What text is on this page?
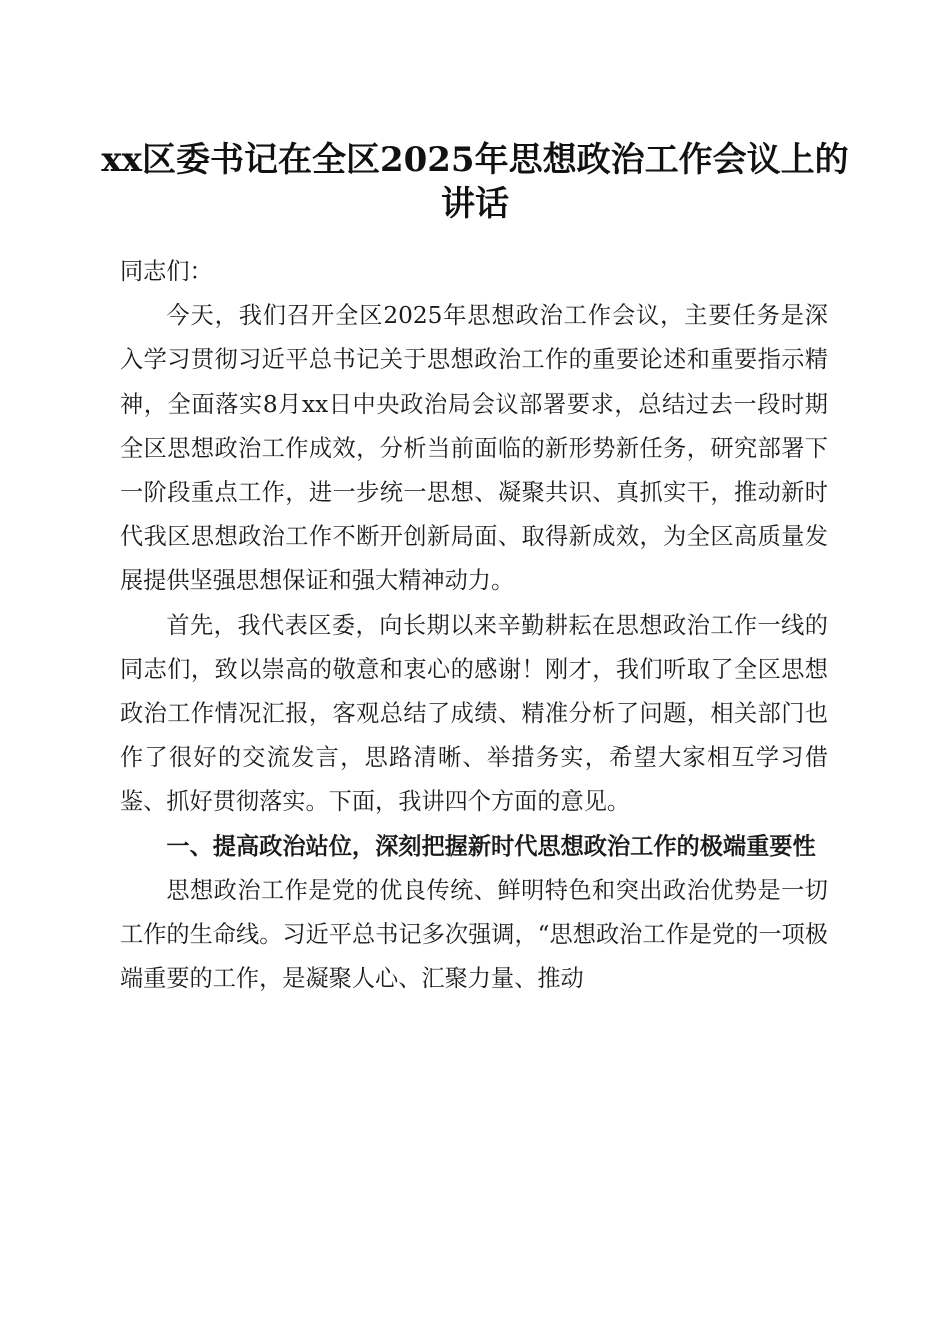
xx区委书记在全区2025年思想政治工作会议上的讲话

同志们：

今天，我们召开全区2025年思想政治工作会议，主要任务是深入学习贯彻习近平总书记关于思想政治工作的重要论述和重要指示精神，全面落实8月xx日中央政治局会议部署要求，总结过去一段时期全区思想政治工作成效，分析当前面临的新形势新任务，研究部署下一阶段重点工作，进一步统一思想、凝聚共识、真抓实干，推动新时代我区思想政治工作不断开创新局面、取得新成效，为全区高质量发展提供坚强思想保证和强大精神动力。

首先，我代表区委，向长期以来辛勤耕耘在思想政治工作一线的同志们，致以崇高的敬意和衷心的感谢！刚才，我们听取了全区思想政治工作情况汇报，客观总结了成绩、精准分析了问题，相关部门也作了很好的交流发言，思路清晰、举措务实，希望大家相互学习借鉴、抓好贯彻落实。下面，我讲四个方面的意见。

一、提高政治站位，深刻把握新时代思想政治工作的极端重要性

思想政治工作是党的优良传统、鲜明特色和突出政治优势是一切工作的生命线。习近平总书记多次强调，“思想政治工作是党的一项极端重要的工作，是凝聚人心、汇聚力量、推动
